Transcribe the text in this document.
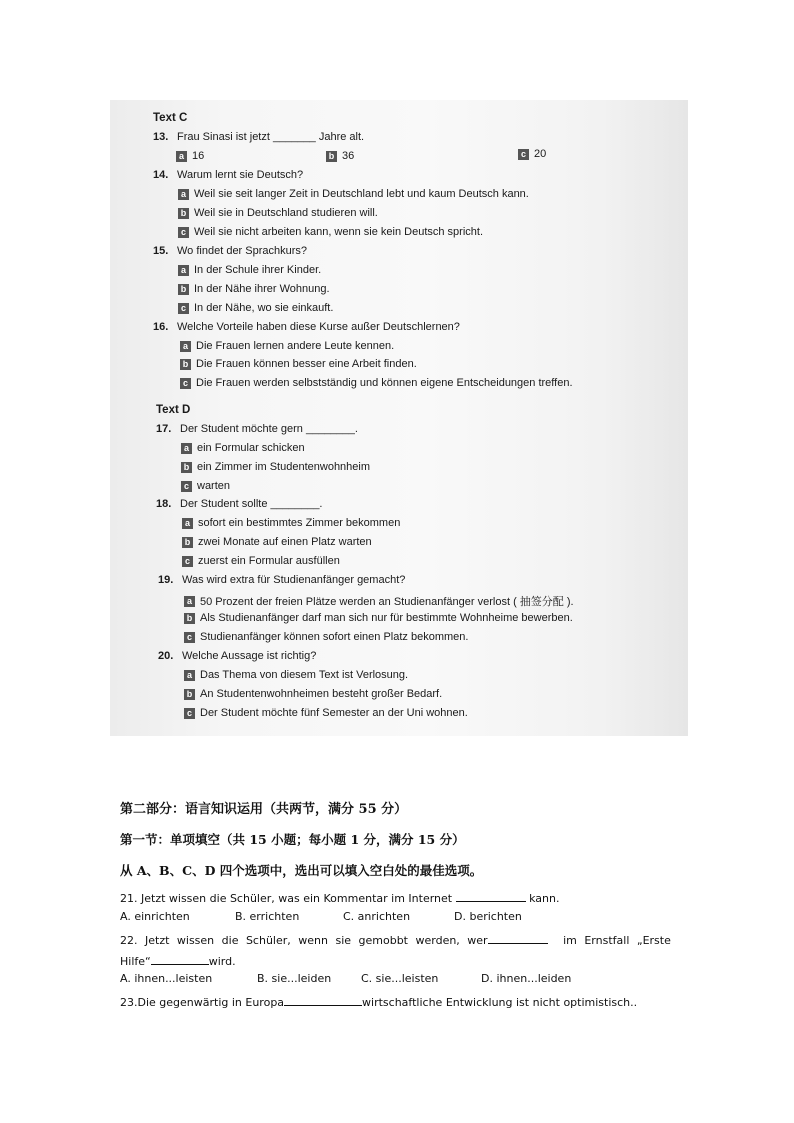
Text C
13. Frau Sinasi ist jetzt _______ Jahre alt.
a 16	b 36	c 20
14. Warum lernt sie Deutsch?
a Weil sie seit langer Zeit in Deutschland lebt und kaum Deutsch kann.
b Weil sie in Deutschland studieren will.
c Weil sie nicht arbeiten kann, wenn sie kein Deutsch spricht.
15. Wo findet der Sprachkurs?
a In der Schule ihrer Kinder.
b In der Nähe ihrer Wohnung.
c In der Nähe, wo sie einkauft.
16. Welche Vorteile haben diese Kurse außer Deutschlernen?
a Die Frauen lernen andere Leute kennen.
b Die Frauen können besser eine Arbeit finden.
c Die Frauen werden selbstständig und können eigene Entscheidungen treffen.
Text D
17. Der Student möchte gern ________.
a ein Formular schicken
b ein Zimmer im Studentenwohnheim
c warten
18. Der Student sollte ________.
a sofort ein bestimmtes Zimmer bekommen
b zwei Monate auf einen Platz warten
c zuerst ein Formular ausfüllen
19. Was wird extra für Studienanfänger gemacht?
a 50 Prozent der freien Plätze werden an Studienanfänger verlost ( 抽签分配 ).
b Als Studienanfänger darf man sich nur für bestimmte Wohnheime bewerben.
c Studienanfänger können sofort einen Platz bekommen.
20. Welche Aussage ist richtig?
a Das Thema von diesem Text ist Verlosung.
b An Studentenwohnheimen besteht großer Bedarf.
c Der Student möchte fünf Semester an der Uni wohnen.
第二部分：语言知识运用（共两节，满分 55 分）
第一节：单项填空（共 15 小题；每小题 1 分，满分 15 分）
从 A、B、C、D 四个选项中，选出可以填入空白处的最佳选项。
21. Jetzt wissen die Schüler, was ein Kommentar im Internet	kann.
A. einrichten	B. errichten	C. anrichten	D. berichten
22. Jetzt wissen die Schüler, wenn sie gemobbt werden, wer	im Ernstfall „Erste
Hilfe“	wird.
A. ihnen...leisten	B. sie...leiden	C. sie...leisten	D. ihnen...leiden
23.Die gegenwärtig in Europa	wirtschaftliche Entwicklung ist nicht optimistisch..
